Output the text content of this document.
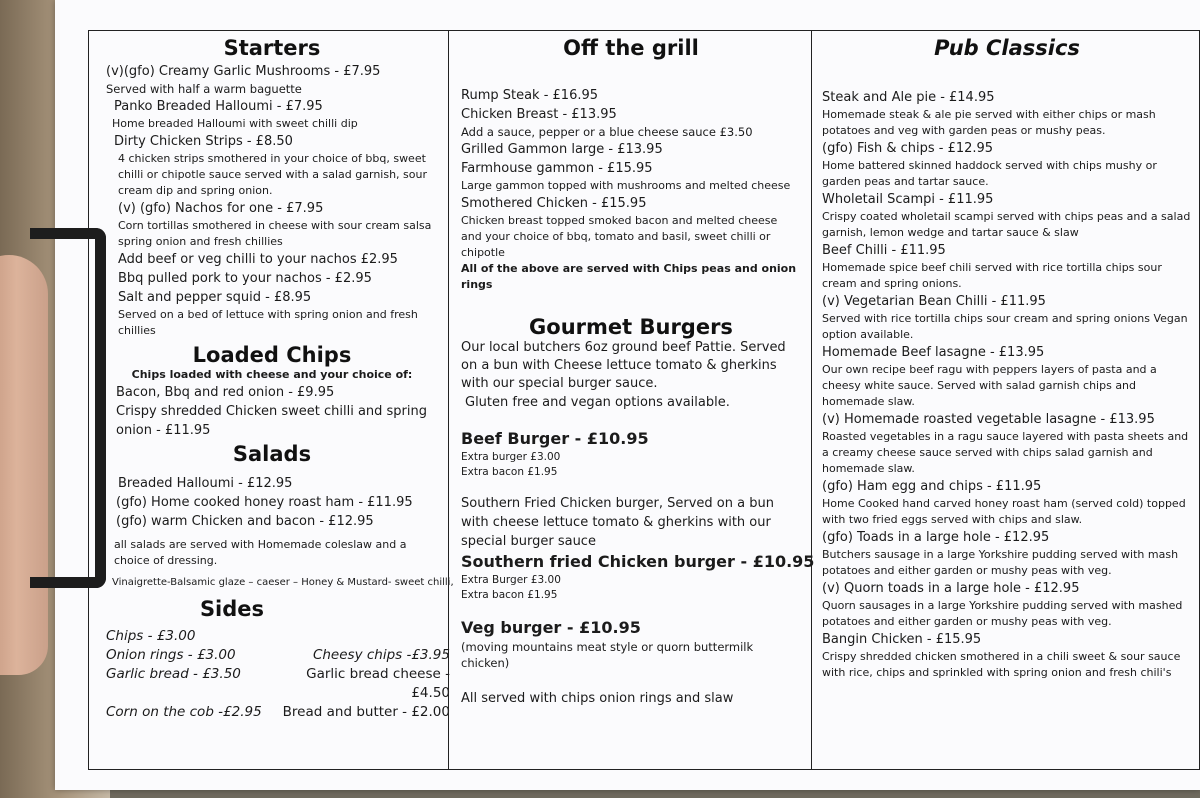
Starters
(v)(gfo) Creamy Garlic Mushrooms - £7.95
Served with half a warm baguette
Panko Breaded Halloumi - £7.95
Home breaded Halloumi with sweet chilli dip
Dirty Chicken Strips - £8.50
4 chicken strips smothered in your choice of bbq, sweet chilli or chipotle sauce served with a salad garnish, sour cream dip and spring onion.
(v) (gfo) Nachos for one - £7.95
Corn tortillas smothered in cheese with sour cream salsa spring onion and fresh chillies
Add beef or veg chilli to your nachos £2.95
Bbq pulled pork to your nachos - £2.95
Salt and pepper squid - £8.95
Served on a bed of lettuce with spring onion and fresh chillies
Loaded Chips
Chips loaded with cheese and your choice of:
Bacon, Bbq and red onion - £9.95
Crispy shredded Chicken sweet chilli and spring onion - £11.95
Salads
Breaded Halloumi - £12.95
(gfo) Home cooked honey roast ham - £11.95
(gfo) warm Chicken and bacon - £12.95
all salads are served with Homemade coleslaw and a choice of dressing.
Vinaigrette-Balsamic glaze – caeser – Honey & Mustard- sweet chilli,
Sides
Chips - £3.00
Onion rings - £3.00	Cheesy chips -£3.95
Garlic bread - £3.50	Garlic bread cheese - £4.50
Corn on the cob -£2.95	Bread and butter - £2.00
Off the grill
Rump Steak - £16.95
Chicken Breast - £13.95
Add a sauce, pepper or a blue cheese sauce £3.50
Grilled Gammon large - £13.95
Farmhouse gammon - £15.95
Large gammon topped with mushrooms and melted cheese
Smothered Chicken - £15.95
Chicken breast topped smoked bacon and melted cheese and your choice of bbq, tomato and basil, sweet chilli or chipotle
All of the above are served with Chips peas and onion rings
Gourmet Burgers
Our local butchers 6oz ground beef Pattie. Served on a bun with Cheese lettuce tomato & gherkins with our special burger sauce.
Gluten free and vegan options available.
Beef Burger - £10.95
Extra burger £3.00
Extra bacon £1.95
Southern Fried Chicken burger, Served on a bun with cheese lettuce tomato & gherkins with our special burger sauce
Southern fried Chicken burger - £10.95
Extra Burger £3.00
Extra bacon £1.95
Veg burger - £10.95
(moving mountains meat style or quorn buttermilk chicken)
All served with chips onion rings and slaw
Pub Classics
Steak and Ale pie - £14.95
Homemade steak & ale pie served with either chips or mash potatoes and veg with garden peas or mushy peas.
(gfo) Fish & chips - £12.95
Home battered skinned haddock served with chips mushy or garden peas and tartar sauce.
Wholetail Scampi - £11.95
Crispy coated wholetail scampi served with chips peas and a salad garnish, lemon wedge and tartar sauce & slaw
Beef Chilli - £11.95
Homemade spice beef chili served with rice tortilla chips sour cream and spring onions.
(v) Vegetarian Bean Chilli - £11.95
Served with rice tortilla chips sour cream and spring onions Vegan option available.
Homemade Beef lasagne - £13.95
Our own recipe beef ragu with peppers layers of pasta and a cheesy white sauce. Served with salad garnish chips and homemade slaw.
(v) Homemade roasted vegetable lasagne - £13.95
Roasted vegetables in a ragu sauce layered with pasta sheets and a creamy cheese sauce served with chips salad garnish and homemade slaw.
(gfo) Ham egg and chips - £11.95
Home Cooked hand carved honey roast ham (served cold) topped with two fried eggs served with chips and slaw.
(gfo) Toads in a large hole - £12.95
Butchers sausage in a large Yorkshire pudding served with mash potatoes and either garden or mushy peas with veg.
(v) Quorn toads in a large hole - £12.95
Quorn sausages in a large Yorkshire pudding served with mashed potatoes and either garden or mushy peas with veg.
Bangin Chicken - £15.95
Crispy shredded chicken smothered in a chili sweet & sour sauce with rice, chips and sprinkled with spring onion and fresh chili's
